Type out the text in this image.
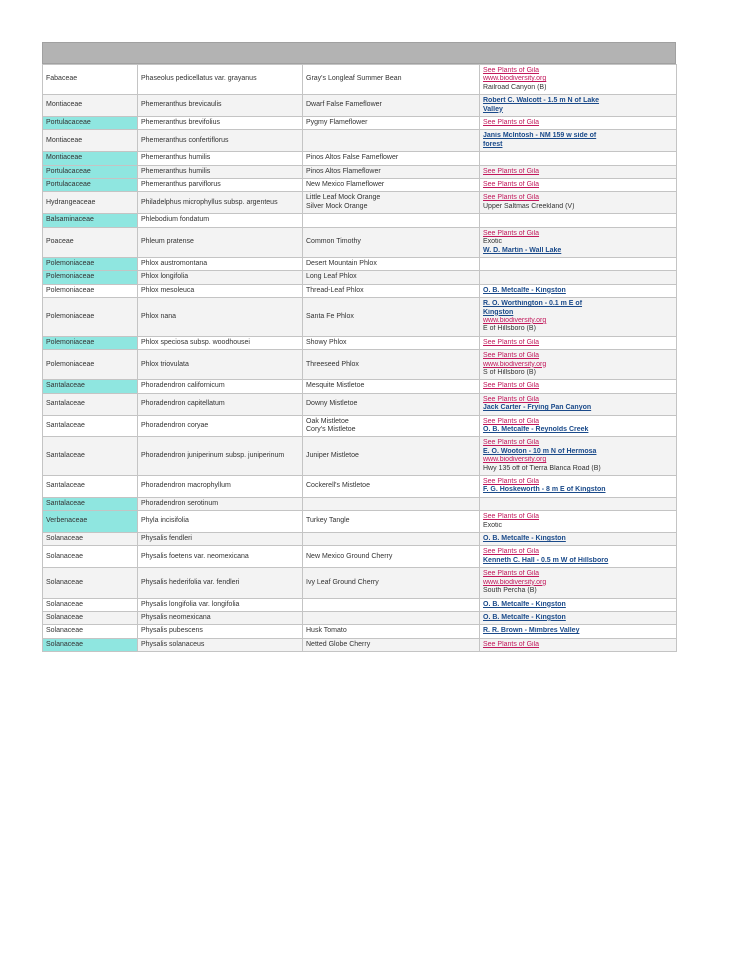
Fabaceae	Phaseolus pedicellatus var. grayanus	Gray's Longleaf Summer Bean	See Plants of Gila
www.biodiversity.org
Railroad Canyon (B)

Montiaceae	Phemeranthus brevicaulis	Dwarf False Fameflower	Robert C. Walcott - 1.5 m N of Lake
Valley

Portulacaceae	Phemeranthus brevifolius	Pygmy Flameflower	See Plants of Gila

Montiaceae	Phemeranthus confertiflorus		Janis McIntosh - NM 159 w side of
forest

Montiaceae	Phemeranthus humilis	Pinos Altos False Fameflower	
Portulacaceae	Phemeranthus humilis	Pinos Altos Flameflower	See Plants of Gila

Portulacaceae	Phemeranthus parviflorus	New Mexico Flameflower	See Plants of Gila

Hydrangeaceae	Philadelphus microphyllus subsp. argenteus	Little Leaf Mock Orange
Silver Mock Orange	See Plants of Gila
Upper Saltmas Creekland (V)

Balsaminaceae	Phlebodium fondatum		
Poaceae	Phleum pratense	Common Timothy	See Plants of Gila
Exotic
W. D. Martin - Wall Lake

Polemoniaceae	Phlox austromontana	Desert Mountain Phlox	
Polemoniaceae	Phlox longifolia	Long Leaf Phlox	
Polemoniaceae	Phlox mesoleuca	Thread-Leaf Phlox	O. B. Metcalfe - Kingston

Polemoniaceae	Phlox nana	Santa Fe Phlox	R. O. Worthington - 0.1 m E of
Kingston
www.biodiversity.org
E of Hillsboro (B)

Polemoniaceae	Phlox speciosa subsp. woodhousei	Showy Phlox	See Plants of Gila

Polemoniaceae	Phlox triovulata	Threeseed Phlox	See Plants of Gila
www.biodiversity.org
S of Hillsboro (B)

Santalaceae	Phoradendron californicum	Mesquite Mistletoe	See Plants of Gila

Santalaceae	Phoradendron capitellatum	Downy Mistletoe	See Plants of Gila
Jack Carter - Frying Pan Canyon

Santalaceae	Phoradendron coryae	Oak Mistletoe
Cory's Mistletoe	See Plants of Gila
O. B. Metcalfe - Reynolds Creek

Santalaceae	Phoradendron juniperinum subsp. juniperinum	Juniper Mistletoe	See Plants of Gila
E. O. Wooton - 10 m N of Hermosa
www.biodiversity.org
Hwy 135 off of Tierra Blanca Road (B)

Santalaceae	Phoradendron macrophyllum	Cockerell's Mistletoe	See Plants of Gila
F. G. Hoskeworth - 8 m E of Kingston

Santalaceae	Phoradendron serotinum		
Verbenaceae	Phyla incisifolia	Turkey Tangle	See Plants of Gila
Exotic

Solanaceae	Physalis fendleri		O. B. Metcalfe - Kingston

Solanaceae	Physalis foetens var. neomexicana	New Mexico Ground Cherry	See Plants of Gila
Kenneth C. Hall - 0.5 m W of Hillsboro

Solanaceae	Physalis hederifolia var. fendleri	Ivy Leaf Ground Cherry	See Plants of Gila
www.biodiversity.org
South Percha (B)

Solanaceae	Physalis longifolia var. longifolia		O. B. Metcalfe - Kingston

Solanaceae	Physalis neomexicana		O. B. Metcalfe - Kingston

Solanaceae	Physalis pubescens	Husk Tomato	R. R. Brown - Mimbres Valley

Solanaceae	Physalis solanaceus	Netted Globe Cherry	See Plants of Gila
